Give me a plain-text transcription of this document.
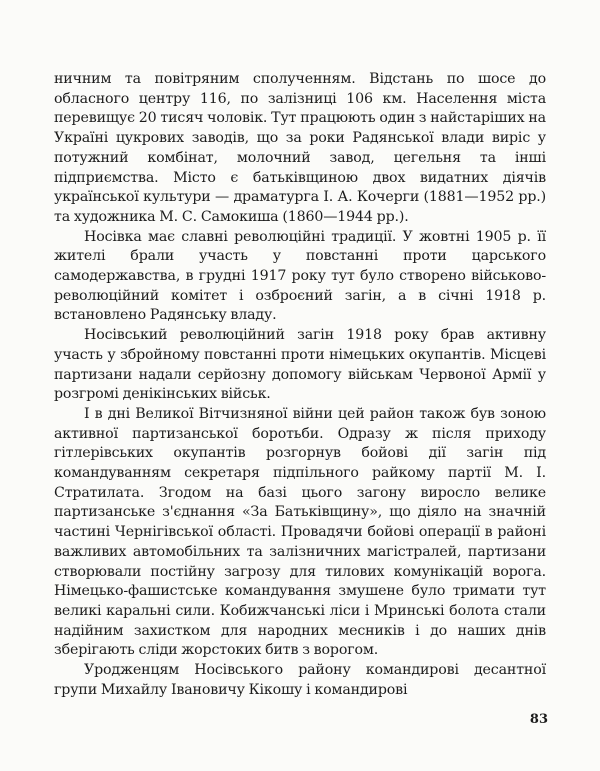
ничним та повітряним сполученням. Відстань по шосе до обласного центру 116, по залізниці 106 км. Населення міста перевищує 20 тисяч чоловік. Тут працюють один з найстаріших на Україні цукрових заводів, що за роки Радянської влади виріс у потужний комбінат, молочний завод, цегельня та інші підприємства. Місто є батьківщиною двох видатних діячів української культури — драматурга І. А. Кочерги (1881—1952 рр.) та художника М. С. Самокиша (1860—1944 рр.).

Носівка має славні революційні традиції. У жовтні 1905 р. її жителі брали участь у повстанні проти царського самодержавства, в грудні 1917 року тут було створено військово-революційний комітет і озброєний загін, а в січні 1918 р. встановлено Радянську владу.

Носівський революційний загін 1918 року брав активну участь у збройному повстанні проти німецьких окупантів. Місцеві партизани надали серйозну допомогу військам Червоної Армії у розгромі денікінських військ.

І в дні Великої Вітчизняної війни цей район також був зоною активної партизанської боротьби. Одразу ж після приходу гітлерівських окупантів розгорнув бойові дії загін під командуванням секретаря підпільного райкому партії М. І. Стратилата. Згодом на базі цього загону виросло велике партизанське з'єднання «За Батьківщину», що діяло на значній частині Чернігівської області. Провадячи бойові операції в районі важливих автомобільних та залізничних магістралей, партизани створювали постійну загрозу для тилових комунікацій ворога. Німецько-фашистське командування змушене було тримати тут великі каральні сили. Кобижчанські ліси і Мринські болота стали надійним захистком для народних месників і до наших днів зберігають сліди жорстоких битв з ворогом.

Уродженцям Носівського району командирові десантної групи Михайлу Івановичу Кікошу і командирові

83
